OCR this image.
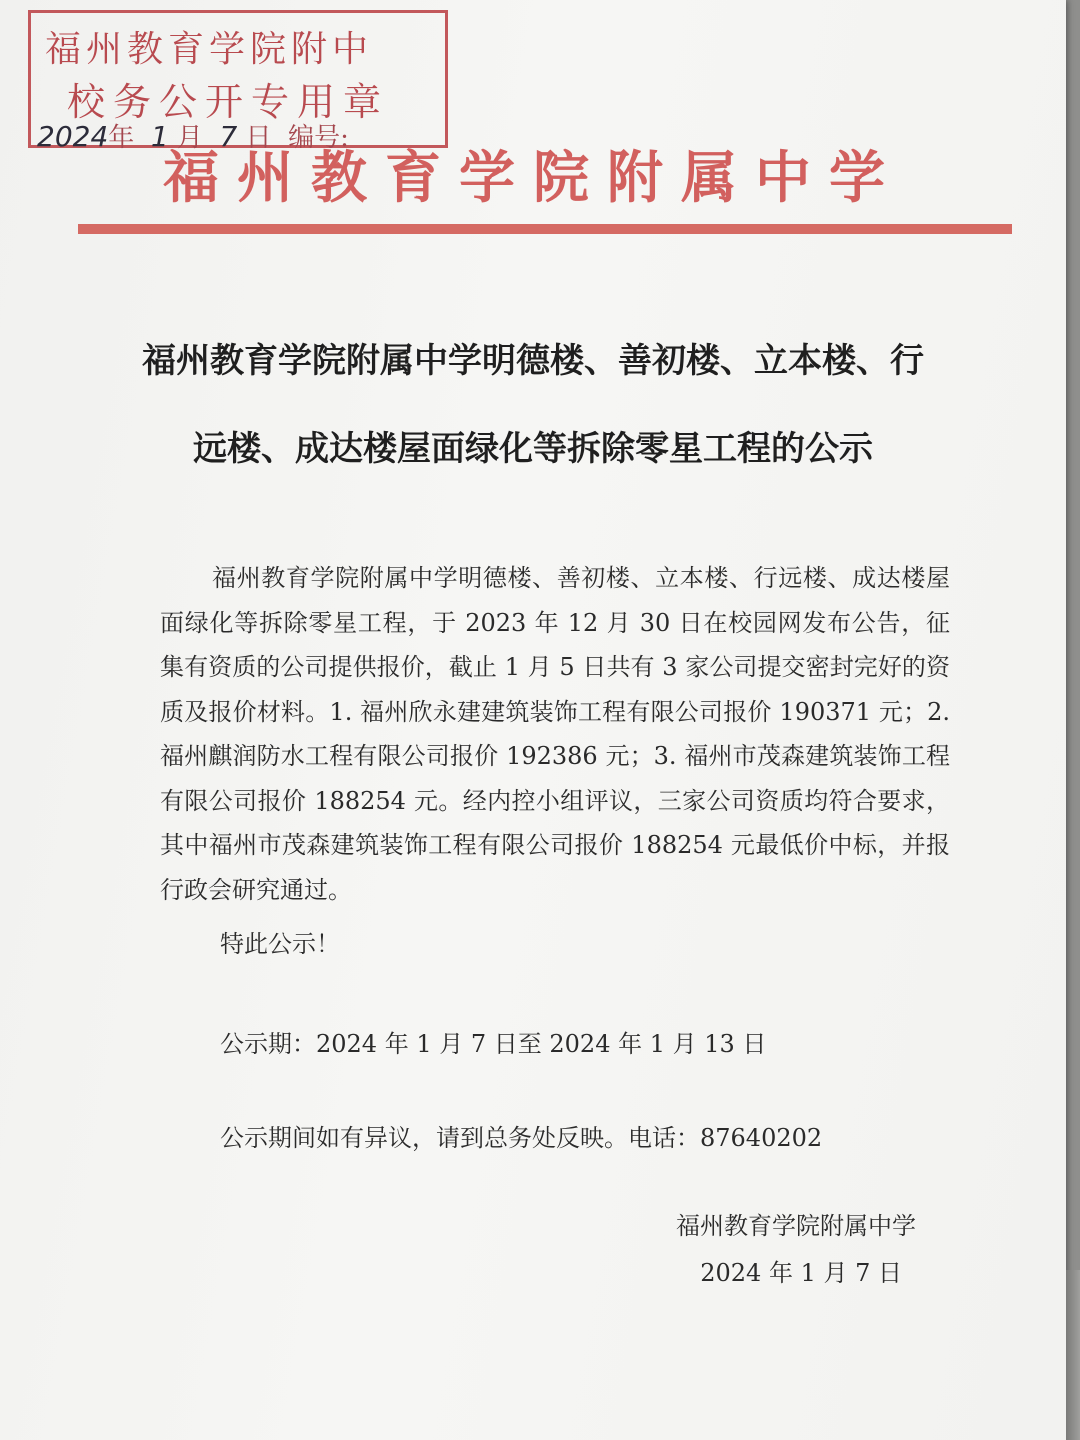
福州教育学院附中
校务公开专用章
2024年 1 月 7 日 编号:
福州教育学院附属中学
福州教育学院附属中学明德楼、善初楼、立本楼、行
远楼、成达楼屋面绿化等拆除零星工程的公示
福州教育学院附属中学明德楼、善初楼、立本楼、行远楼、成达楼屋面绿化等拆除零星工程，于 2023 年 12 月 30 日在校园网发布公告，征集有资质的公司提供报价，截止 1 月 5 日共有 3 家公司提交密封完好的资质及报价材料。1. 福州欣永建建筑装饰工程有限公司报价 190371 元；2. 福州麒润防水工程有限公司报价 192386 元；3. 福州市茂森建筑装饰工程有限公司报价 188254 元。经内控小组评议，三家公司资质均符合要求，其中福州市茂森建筑装饰工程有限公司报价 188254 元最低价中标，并报行政会研究通过。
特此公示！
公示期：2024 年 1 月 7 日至 2024 年 1 月 13 日
公示期间如有异议，请到总务处反映。电话：87640202
福州教育学院附属中学
2024 年 1 月 7 日
